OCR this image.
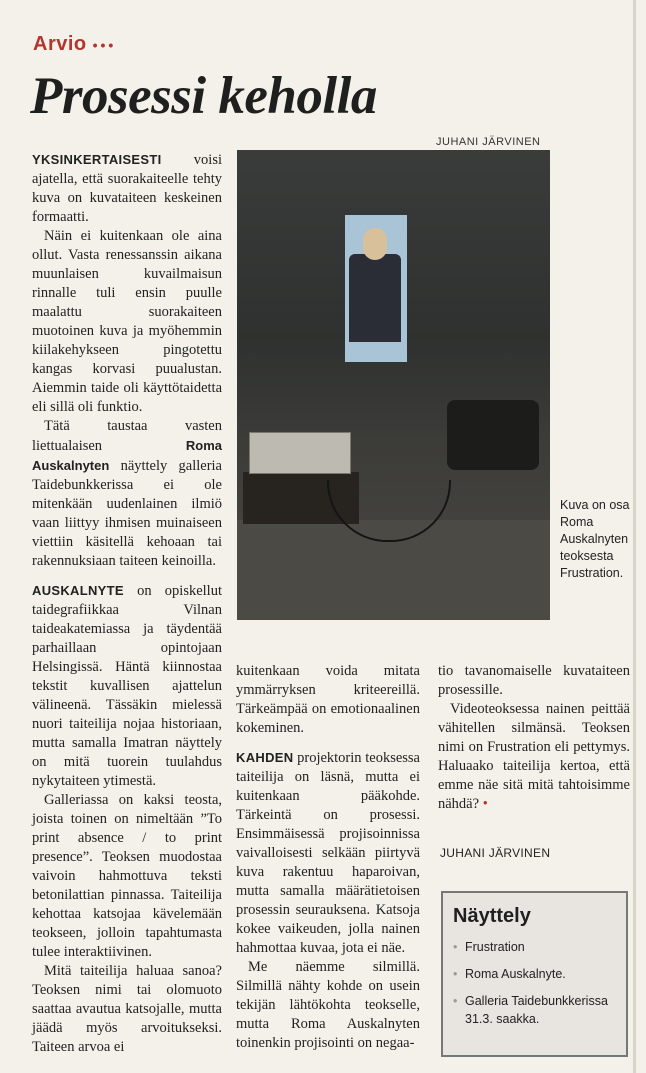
Arvio •••
Prosessi keholla
JUHANI JÄRVINEN

YKSINKERTAISESTI voisi ajatella, että suorakaiteelle tehty kuva on kuvataiteen keskeinen formaatti.

Näin ei kuitenkaan ole aina ollut. Vasta renessanssin aikana muunlaisen kuvailmaisun rinnalle tuli ensin puulle maalattu suorakaiteen muotoinen kuva ja myöhemmin kiilakehykseen pingotettu kangas korvasi puualustan. Aiemmin taide oli käyttötaidetta eli sillä oli funktio.

Tätä taustaa vasten liettualaisen Roma Auskalnyten näyttely galleria Taidebunkkerissa ei ole mitenkään uudenlainen ilmiö vaan liittyy ihmisen muinaiseen viettiin käsitellä kehoaan tai rakennuksiaan taiteen keinoilla.

AUSKALNYTE on opiskellut taidegrafiikkaa Vilnan taideakatemiassa ja täydentää parhaillaan opintojaan Helsingissä. Häntä kiinnostaa tekstit kuvallisen ajattelun välineenä. Tässäkin mielessä nuori taiteilija nojaa historiaan, mutta samalla Imatran näyttely on mitä tuorein tuulahdus nykytaiteen ytimestä.

Galleriassa on kaksi teosta, joista toinen on nimeltään ”To print absence / to print presence”. Teoksen muodostaa vaivoin hahmottuva teksti betonilattian pinnassa. Taiteilija kehottaa katsojaa kävelemään teokseen, jolloin tapahtumasta tulee interaktiivinen.

Mitä taiteilija haluaa sanoa? Teoksen nimi tai olomuoto saattaa avautua katsojalle, mutta jäädä myös arvoitukseksi. Taiteen arvoa ei

Kuva on osa Roma Auskalnyten teoksesta Frustration.

kuitenkaan voida mitata ymmärryksen kriteereillä. Tärkeämpää on emotionaalinen kokeminen.

KAHDEN projektorin teoksessa taiteilija on läsnä, mutta ei kuitenkaan pääkohde. Tärkeintä on prosessi. Ensimmäisessä projisoinnissa vaivalloisesti selkään piirtyvä kuva rakentuu haparoivan, mutta samalla määrätietoisen prosessin seurauksena. Katsoja kokee vaikeuden, jolla nainen hahmottaa kuvaa, jota ei näe.

Me näemme silmillä. Silmillä nähty kohde on usein tekijän lähtökohta teokselle, mutta Roma Auskalnyten toinenkin projisointi on negaa-

tio tavanomaiselle kuvataiteen prosessille.

Videoteoksessa nainen peittää vähitellen silmänsä. Teoksen nimi on Frustration eli pettymys. Haluaako taiteilija kertoa, että emme näe sitä mitä tahtoisimme nähdä? •

JUHANI JÄRVINEN
Näyttely
• Frustration
• Roma Auskalnyte.
• Galleria Taidebunkkerissa 31.3. saakka.
